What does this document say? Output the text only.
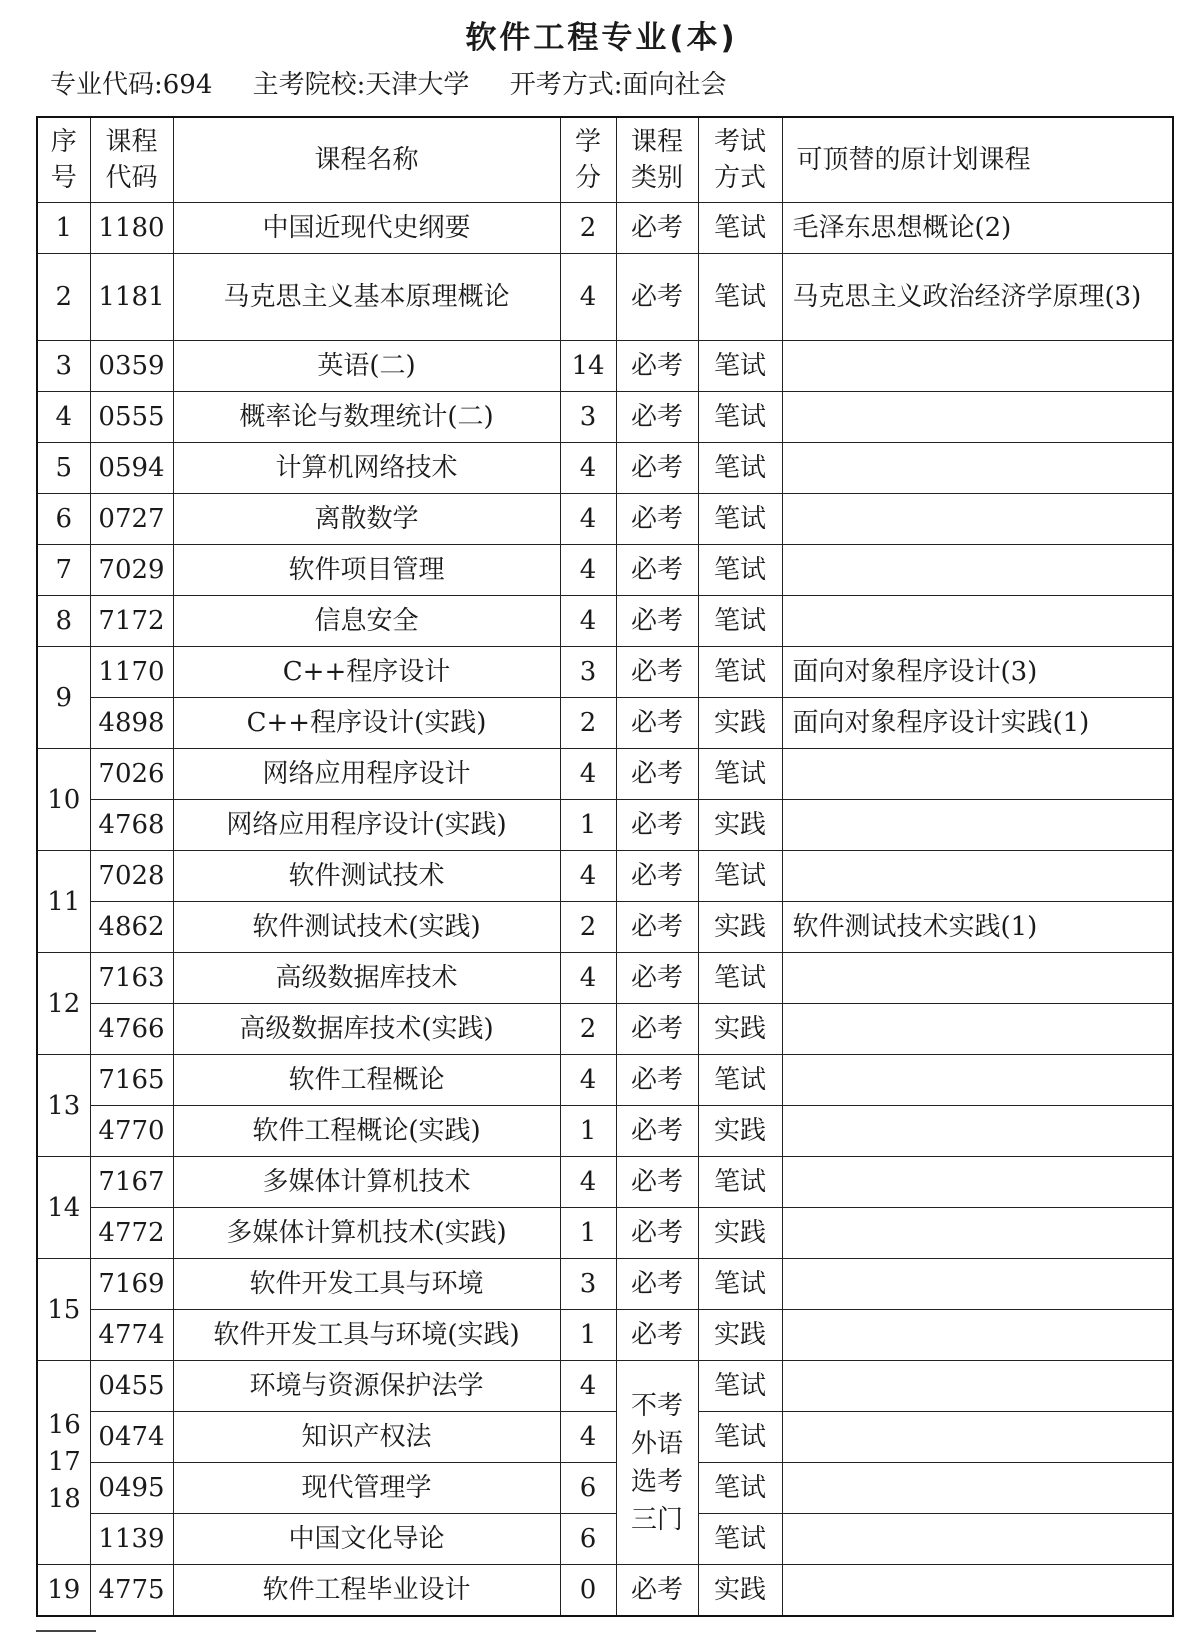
软件工程专业(本)
专业代码:694 主考院校:天津大学 开考方式:面向社会
序号	课程代码	课程名称	学分	课程类别	考试方式	可顶替的原计划课程
1	1180	中国近现代史纲要	2	必考	笔试	毛泽东思想概论(2)
2	1181	马克思主义基本原理概论	4	必考	笔试	马克思主义政治经济学原理(3)
3	0359	英语(二)	14	必考	笔试	
4	0555	概率论与数理统计(二)	3	必考	笔试	
5	0594	计算机网络技术	4	必考	笔试	
6	0727	离散数学	4	必考	笔试	
7	7029	软件项目管理	4	必考	笔试	
8	7172	信息安全	4	必考	笔试	
9	1170	C++程序设计	3	必考	笔试	面向对象程序设计(3)
	4898	C++程序设计(实践)	2	必考	实践	面向对象程序设计实践(1)
10	7026	网络应用程序设计	4	必考	笔试	
	4768	网络应用程序设计(实践)	1	必考	实践	
11	7028	软件测试技术	4	必考	笔试	
	4862	软件测试技术(实践)	2	必考	实践	软件测试技术实践(1)
12	7163	高级数据库技术	4	必考	笔试	
	4766	高级数据库技术(实践)	2	必考	实践	
13	7165	软件工程概论	4	必考	笔试	
	4770	软件工程概论(实践)	1	必考	实践	
14	7167	多媒体计算机技术	4	必考	笔试	
	4772	多媒体计算机技术(实践)	1	必考	实践	
15	7169	软件开发工具与环境	3	必考	笔试	
	4774	软件开发工具与环境(实践)	1	必考	实践	

16 17 18	0455	环境与资源保护法学	4	不考外语选考三门	笔试	
	0474	知识产权法	4		笔试	
	0495	现代管理学	6		笔试	
	1139	中国文化导论	6		笔试	
19	4775	软件工程毕业设计	0	必考	实践	
